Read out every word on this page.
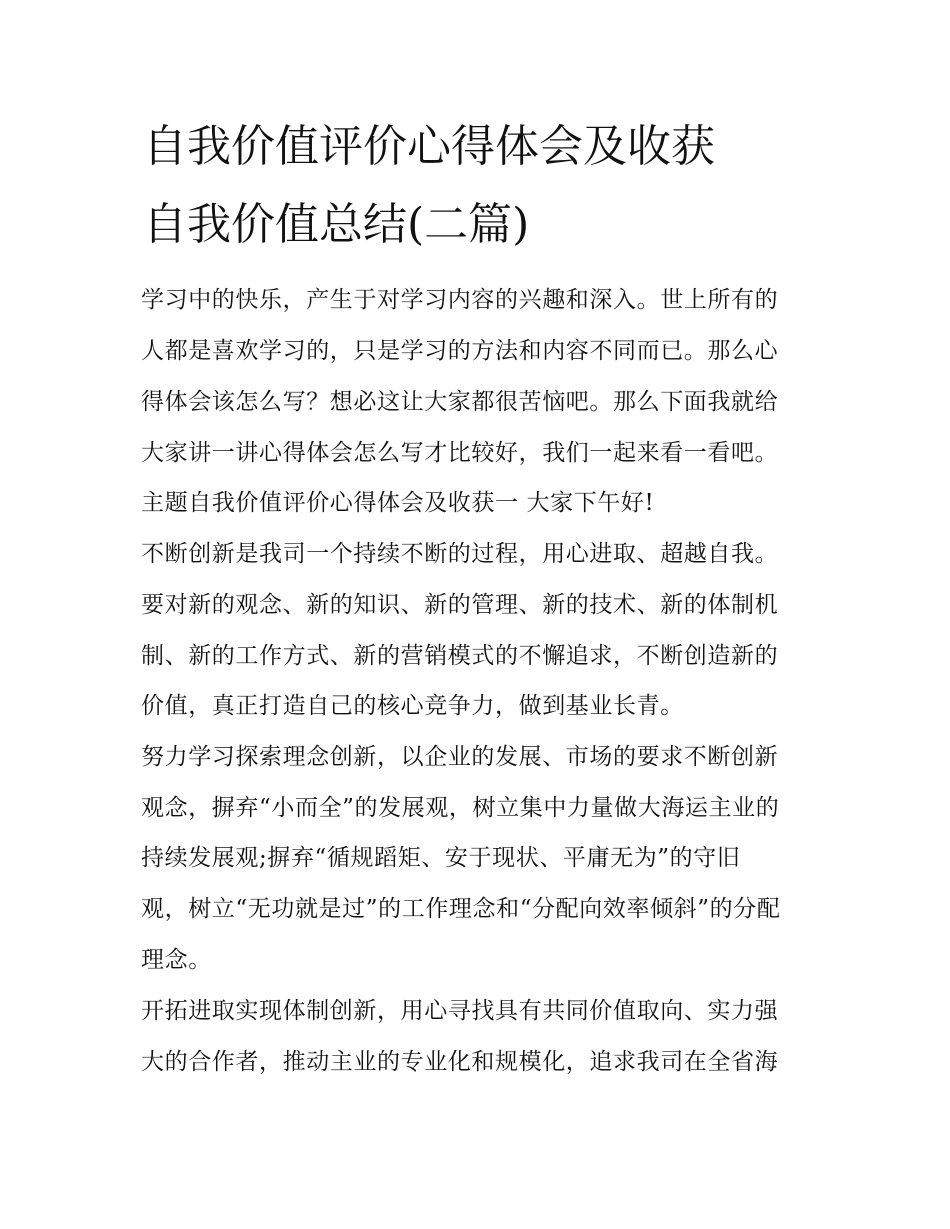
自我价值评价心得体会及收获
自我价值总结(二篇)
学习中的快乐，产生于对学习内容的兴趣和深入。世上所有的
人都是喜欢学习的，只是学习的方法和内容不同而已。那么心
得体会该怎么写？想必这让大家都很苦恼吧。那么下面我就给
大家讲一讲心得体会怎么写才比较好，我们一起来看一看吧。
主题自我价值评价心得体会及收获一 大家下午好!
不断创新是我司一个持续不断的过程，用心进取、超越自我。
要对新的观念、新的知识、新的管理、新的技术、新的体制机
制、新的工作方式、新的营销模式的不懈追求，不断创造新的
价值，真正打造自己的核心竞争力，做到基业长青。
努力学习探索理念创新，以企业的发展、市场的要求不断创新
观念，摒弃“小而全”的发展观，树立集中力量做大海运主业的
持续发展观;摒弃“循规蹈矩、安于现状、平庸无为”的守旧
观，树立“无功就是过”的工作理念和“分配向效率倾斜”的分配
理念。
开拓进取实现体制创新，用心寻找具有共同价值取向、实力强
大的合作者，推动主业的专业化和规模化，追求我司在全省海
